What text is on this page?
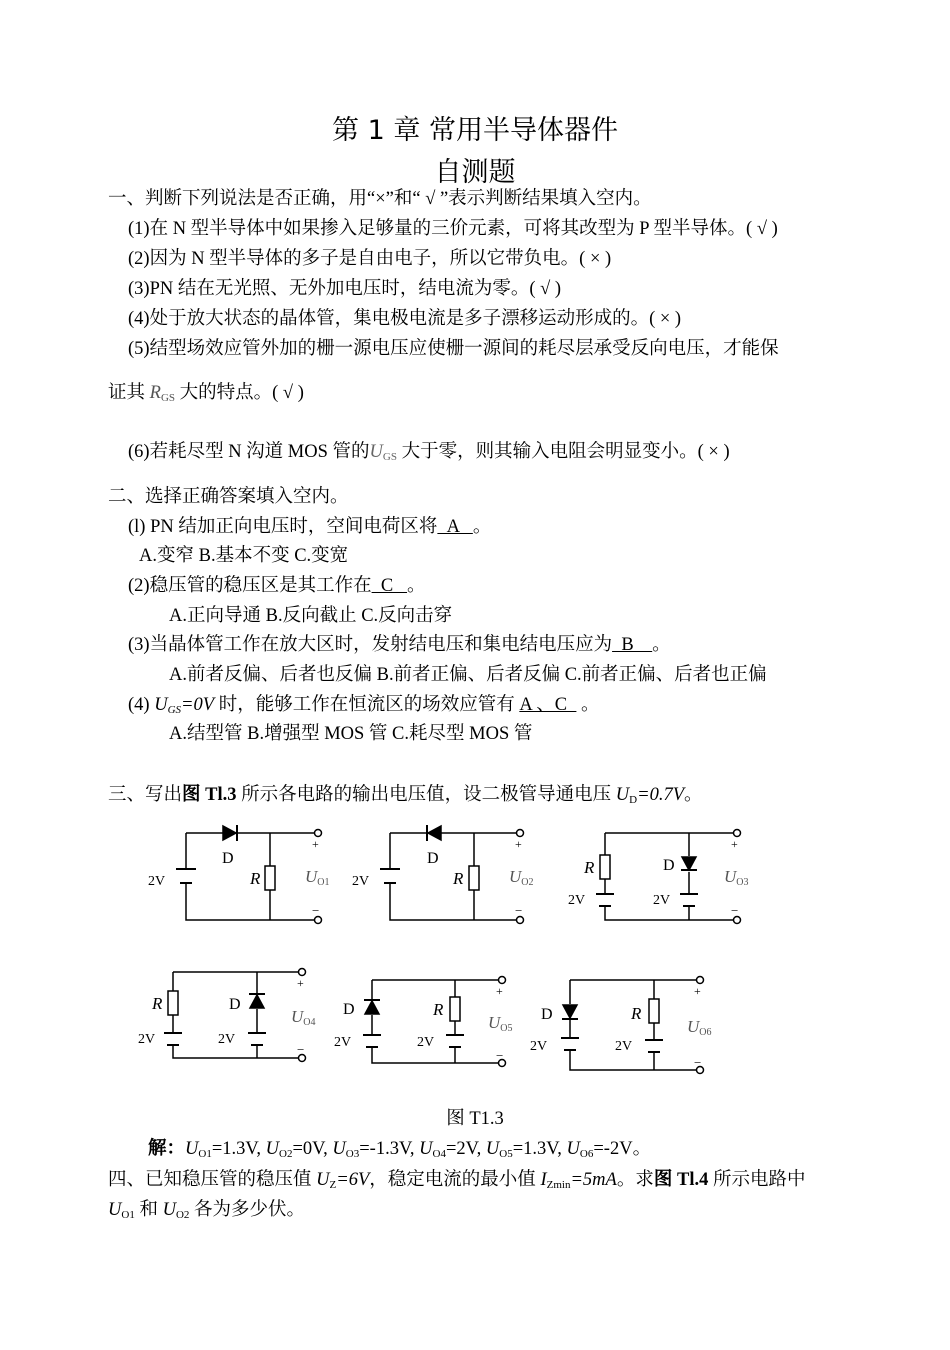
第 1 章 常用半导体器件
自测题
一、判断下列说法是否正确，用“×”和“ √ ”表示判断结果填入空内。
(1)在 N 型半导体中如果掺入足够量的三价元素，可将其改型为 P 型半导体。( √ )
(2)因为 N 型半导体的多子是自由电子，所以它带负电。( × )
(3)PN 结在无光照、无外加电压时，结电流为零。( √ )
(4)处于放大状态的晶体管，集电极电流是多子漂移运动形成的。( × )
(5)结型场效应管外加的栅一源电压应使栅一源间的耗尽层承受反向电压，才能保
证其 $R_{GS}$ 大的特点。( √ )
(6)若耗尽型 N 沟道 MOS 管的$U_{GS}$ 大于零，则其输入电阻会明显变小。( × )
二、选择正确答案填入空内。
(l) PN 结加正向电压时，空间电荷区将  A   。
A.变窄 B.基本不变 C.变宽
(2)稳压管的稳压区是其工作在  C   。
A.正向导通 B.反向截止 C.反向击穿
(3)当晶体管工作在放大区时，发射结电压和集电结电压应为  B    。
A.前者反偏、后者也反偏 B.前者正偏、后者反偏 C.前者正偏、后者也正偏
(4) $U_{GS}=0V$ 时，能够工作在恒流区的场效应管有 A 、C   。
A.结型管 B.增强型 MOS 管 C.耗尽型 MOS 管
三、写出图 Tl.3 所示各电路的输出电压值，设二极管导通电压 $U_D=0.7V$。
2V
D
R
+
−
UO1 2V
D
R
+
−
UO2
R
2V
D
2V
+
−
UO3
R
2V
D
2V
+
−
UO4
D
2V
R
2V
+
−
UO5
D
2V
R
2V
+
−
UO6
图 T1.3
解：$U_{O1}=1.3V$, $U_{O2}=0V$, $U_{O3}=-1.3V$, $U_{O4}=2V$, $U_{O5}=1.3V$, $U_{O6}=-2V$。
四、已知稳压管的稳压值 $U_Z=6V$，稳定电流的最小值 $I_{Zmin}=5mA$。求图 Tl.4 所示电路中
$U_{O1}$ 和 $U_{O2}$ 各为多少伏。
